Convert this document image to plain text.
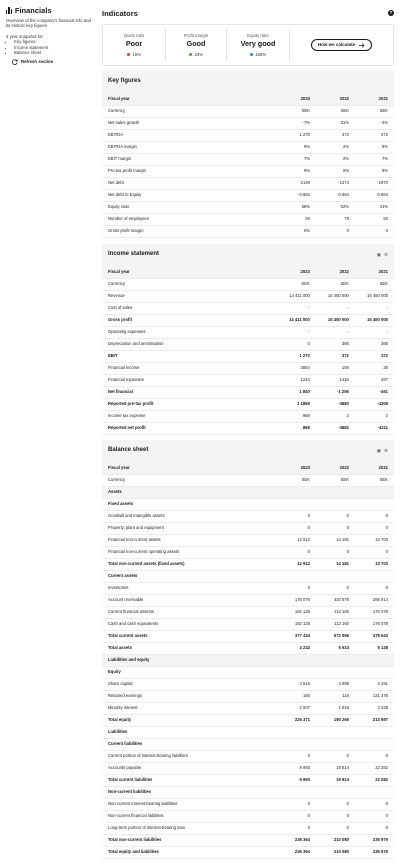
Financials
Overview of the company's financial info and its historic key figures
3 year snapshot for:
• Key figures
• Income statement
• Balance sheet
Refresh section
Indicators	?
Quick ratio
Poor
16%
Profit margin
Good
23%
Equity ratio
Very good
165%
How we calculate
Key figures
Fiscal year	2023	2022	2021
Currency	SEK	SEK	SEK
Net sales growth	-7%	31%	-4%
EBITDA	1 270	372	372
EBITDA margin	9%	2%	8%
EBIT margin	7%	2%	7%
Pre-tax profit margin	9%	0%	9%
Net debt	-2140	-1274	-1970
Net debt to Equity	-0.862	-0.664	-0.864
Equity ratio	58%	52%	41%
Number of employees	84	78	82
Gross profit margin	0%	0	0
Income statement	▣ ⚙
Fiscal year	2023	2022	2021
Currency	SEK	SEK	SEK
Revenue	14 411 000	15 450 000	15 450 000
Cost of sales	-	-	-
Gross profit	14 411 000	15 450 000	15 450 000
Operating expenses	-	-	-
Depreciation and amortisation	0	365	365
EBIT	1 270	372	372
Financial income	3084	159	26
Financial expenses	1244	1415	487
Net financial	1 840	-1 256	-461
Reported pre-tax profit	1 1858	-3680	-4309
Income tax expense	988	2	2
Reported net profit	868	-3682	-4311
Balance sheet	▣ ⚙
Fiscal year	2023	2022	2021
Currency	SEK	SEK	SEK
Assets			
Fixed assets			
Goodwill and intangible assets	0	0	0
Property, plant and equipment	0	0	0
Financial non-current assets	12 912	14 181	13 703
Financial non-current operating assets	0	0	0
Total non-current assets (fixed assets)	12 912	14 181	13 703
Current assets			
Inventories	0	0	0
Account receivable	176 076	420 576	286 914
Current financial assests	182 125	112 160	176 078
Cash and cash equivalents	182 125	112 160	176 078
Total current assets	377 434	572 956	478 643
Total assets	4 232	5 924	5 128
Liabilities and equity			
Equity			
Share capital	4 515	4 998	4 291
Retained earnings	165	116	131 476
Minority interest	2 507	1 918	2 239
Total equity	226 371	190 266	213 697
Liabilities			
Current liabilities			
Current portion of interest-bearing liabilities	0	0	0
Accounts payable	9 993	19 814	22 282
Total current liabilities	9 993	19 814	22 282
Non-current liabilities			
Non-current interest-bearing liabilities	0	0	0
Non-current financial liabilities	0	0	0
Long-term portion of interest-bearing loan	0	0	0
Total non-current liabilities	236 364	210 080	235 979
Total equity and liabilities	236 364	210 080	235 979
